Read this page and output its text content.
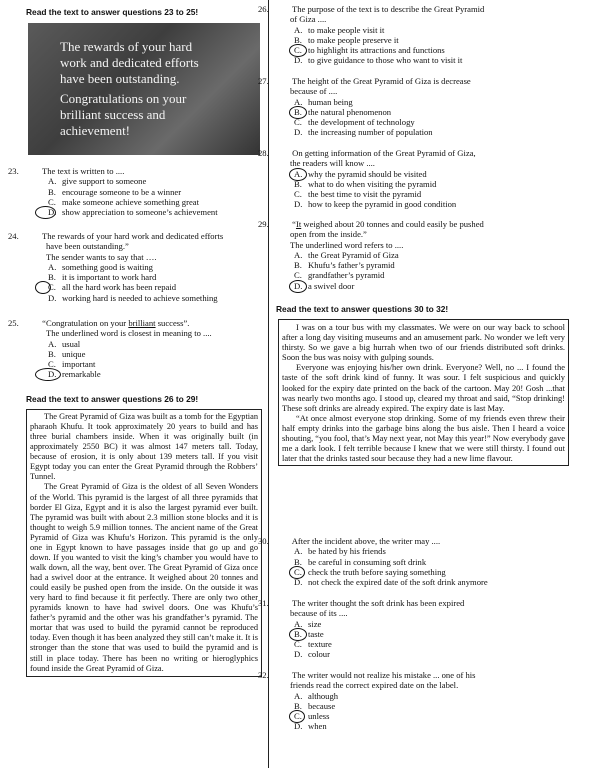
Read the text to answer questions 23 to 25!
The rewards of your hard
work and dedicated efforts
have been outstanding.
Congratulations on your
brilliant success and
achievement!
23.	The text is written to ....
A. give support to someone
B. encourage someone to be a winner
C. make someone achieve something great
D. show appreciation to someone’s achievement
24.	The rewards of your hard work and dedicated efforts
have been outstanding.”
The sender wants to say that ….
A. something good is waiting
B. it is important to work hard
C. all the hard work has been repaid
D. working hard is needed to achieve something
25.	“Congratulation on your brilliant success”.
The underlined word is closest in meaning to ....
A. usual
B. unique
C. important
D. remarkable
Read the text to answer questions 26 to 29!

The Great Pyramid of Giza was built as a tomb for the Egyptian pharaoh Khufu. It took approximately 20 years to build and has three burial chambers inside. When it was originally built (in approximately 2550 BC) it was almost 147 meters tall. Today, because of erosion, it is only about 139 meters tall. If you visit Egypt today you can enter the Great Pyramid through the Robbers’ Tunnel.

The Great Pyramid of Giza is the oldest of all Seven Wonders of the World. This pyramid is the largest of all three pyramids that border El Giza, Egypt and it is also the largest pyramid ever built. The pyramid was built with about 2.3 million stone blocks and it is thought to weigh 5.9 million tonnes. The ancient name of the Great Pyramid of Giza was Khufu’s Horizon. This pyramid is the only one in Egypt known to have passages inside that go up and go down. If you wanted to visit the king’s chamber you would have to walk down, all the way, bent over. The Great Pyramid of Giza once had a swivel door at the entrance. It weighed about 20 tonnes and could easily be pushed open from the inside. On the outside it was very hard to find because it fit perfectly. There are only two other pyramids known to have had swivel doors. One was Khufu’s father’s pyramid and the other was his grandfather’s pyramid. The mortar that was used to build the pyramid cannot be reproduced today. Even though it has been analyzed they still can’t make it. It is stronger than the stone that was used to build the pyramid and is still in place today. There has been no writing or hieroglyphics found inside the Great Pyramid of Giza.

26.	The purpose of the text is to describe the Great Pyramid
of Giza ....
A. to make people visit it
B. to make people preserve it
C. to highlight its attractions and functions
D. to give guidance to those who want to visit it
27.	The height of the Great Pyramid of Giza is decrease
because of ....
A. human being
B. the natural phenomenon
C. the development of technology
D. the increasing number of population
28.	On getting information of the Great Pyramid of Giza,
the readers will know ....
A. why the pyramid should be visited
B. what to do when visiting the pyramid
C. the best time to visit the pyramid
D. how to keep the pyramid in good condition
29.	“It weighed about 20 tonnes and could easily be pushed
open from the inside.”
The underlined word refers to ....
A. the Great Pyramid of Giza
B. Khufu’s father’s pyramid
C. grandfather’s pyramid
D. a swivel door
Read the text to answer questions 30 to 32!

I was on a tour bus with my classmates. We were on our way back to school after a long day visiting museums and an amusement park. No wonder we left very thirsty. So we gave a big hurrah when two of our friends distributed soft drinks. Soon the bus was noisy with gulping sounds.

Everyone was enjoying his/her own drink. Everyone? Well, no ... I found the taste of the soft drink kind of funny. It was sour. I felt suspicious and quickly looked for the expiry date printed on the back of the cartoon. May 20! Gosh ...that was nearly two months ago. I stood up, cleared my throat and said, “Stop drinking! These soft drinks are already expired. The expiry date is last May.

“At once almost everyone stop drinking. Some of my friends even threw their half empty drinks into the garbage bins along the bus aisle. Then I heard a voice shouting, “you fool, that’s May next year, not May this year!” Now everybody gave me a dark look. I felt terrible because I knew that we were still thirsty. I found out later that the drinks tasted sour because they had a new lime flavour.

30.	After the incident above, the writer may ....
A. be hated by his friends
B. be careful in consuming soft drink
C. check the truth before saying something
D. not check the expired date of the soft drink anymore
31.	The writer thought the soft drink has been expired
because of its ....
A. size
B. taste
C. texture
D. colour
32.	The writer would not realize his mistake ... one of his
friends read the correct expired date on the label.
A. although
B. because
C. unless
D. when
